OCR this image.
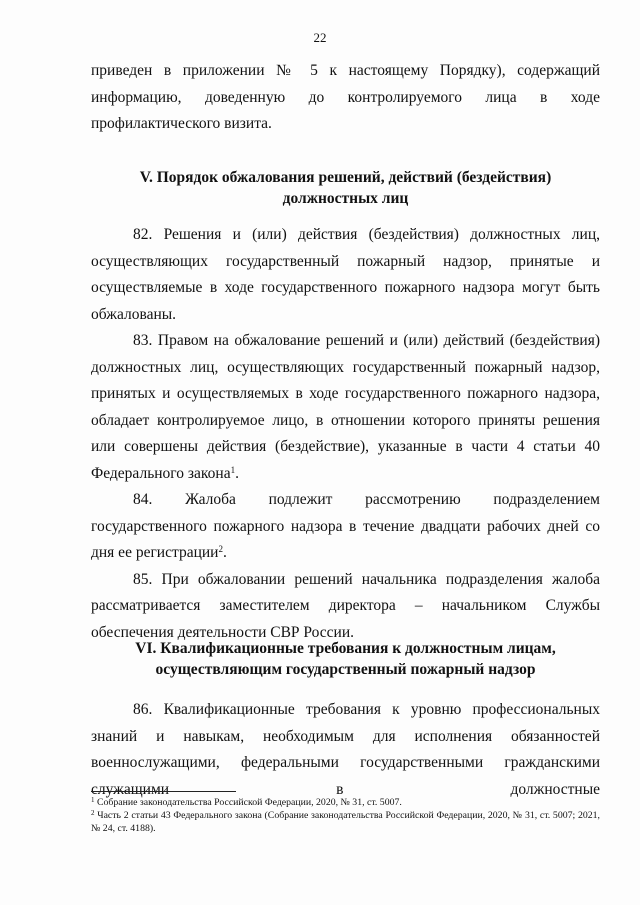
22

приведен в приложении № 5 к настоящему Порядку), содержащий информацию, доведенную до контролируемого лица в ходе профилактического визита.

V. Порядок обжалования решений, действий (бездействия)
должностных лиц

82. Решения и (или) действия (бездействия) должностных лиц, осуществляющих государственный пожарный надзор, принятые и осуществляемые в ходе государственного пожарного надзора могут быть обжалованы.

83. Правом на обжалование решений и (или) действий (бездействия) должностных лиц, осуществляющих государственный пожарный надзор, принятых и осуществляемых в ходе государственного пожарного надзора, обладает контролируемое лицо, в отношении которого приняты решения или совершены действия (бездействие), указанные в части 4 статьи 40 Федерального закона$^1$.

84. Жалоба подлежит рассмотрению подразделением государственного пожарного надзора в течение двадцати рабочих дней со дня ее регистрации$^2$.

85. При обжаловании решений начальника подразделения жалоба рассматривается заместителем директора – начальником Службы обеспечения деятельности СВР России.

VI. Квалификационные требования к должностным лицам,
осуществляющим государственный пожарный надзор

86. Квалификационные требования к уровню профессиональных знаний и навыкам, необходимым для исполнения обязанностей военнослужащими, федеральными государственными гражданскими служащими в должностные

$^1$ Собрание законодательства Российской Федерации, 2020, № 31, ст. 5007.

$^2$ Часть 2 статьи 43 Федерального закона (Собрание законодательства Российской Федерации, 2020, № 31, ст. 5007; 2021, № 24, ст. 4188).
